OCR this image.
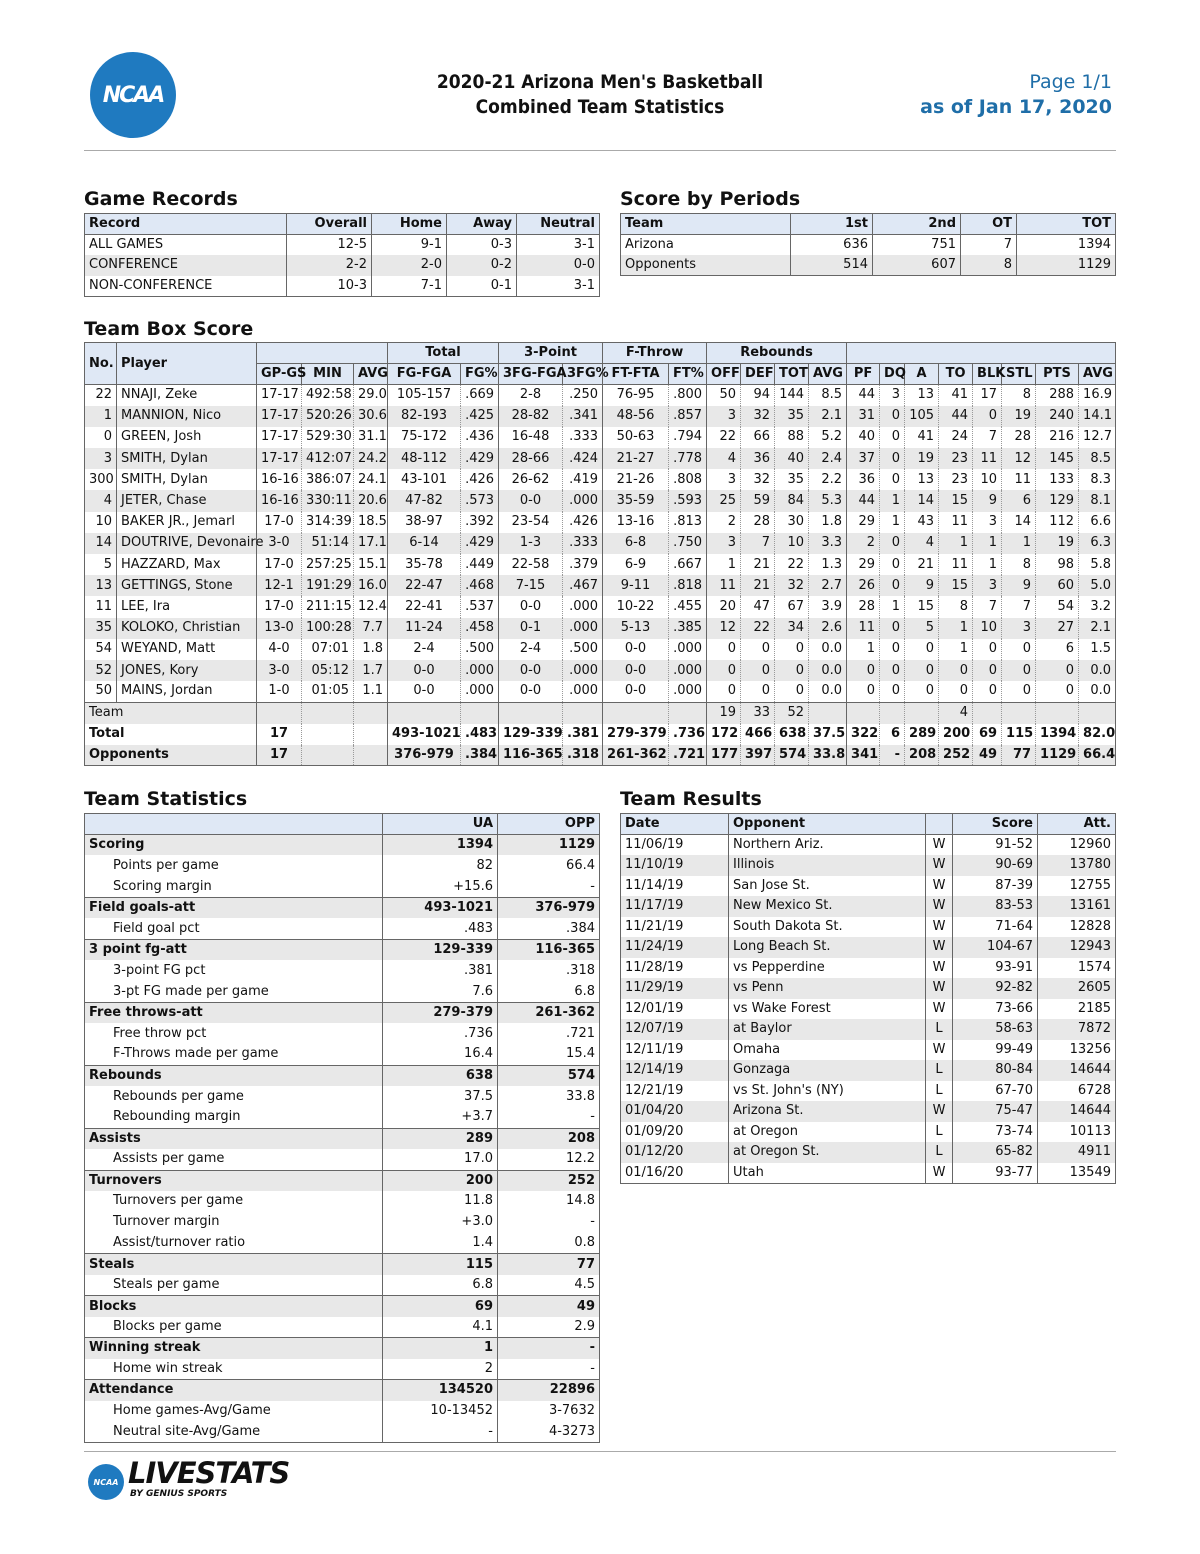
NCAA
2020-21 Arizona Men's Basketball
Combined Team Statistics
Page 1/1
as of Jan 17, 2020
Game Records
Record	Overall	Home	Away	Neutral
ALL GAMES	12-5	9-1	0-3	3-1
CONFERENCE	2-2	2-0	0-2	0-0
NON-CONFERENCE	10-3	7-1	0-1	3-1
Score by Periods
Team	1st	2nd	OT	TOT
Arizona	636	751	7	1394
Opponents	514	607	8	1129
Team Box Score
No.	Player				Total		3-Point		F-Throw		Rebounds											
		GP-GS	MIN	AVG	FG-FGA	FG%	3FG-FGA	3FG%	FT-FTA	FT%	OFF	DEF	TOT	AVG	PF	DQ	A	TO	BLK	STL	PTS	AVG
22	NNAJI, Zeke	17-17	492:58	29.0	105-157	.669	2-8	.250	76-95	.800	50	94	144	8.5	44	3	13	41	17	8	288	16.9
1	MANNION, Nico	17-17	520:26	30.6	82-193	.425	28-82	.341	48-56	.857	3	32	35	2.1	31	0	105	44	0	19	240	14.1
0	GREEN, Josh	17-17	529:30	31.1	75-172	.436	16-48	.333	50-63	.794	22	66	88	5.2	40	0	41	24	7	28	216	12.7
3	SMITH, Dylan	17-17	412:07	24.2	48-112	.429	28-66	.424	21-27	.778	4	36	40	2.4	37	0	19	23	11	12	145	8.5
300	SMITH, Dylan	16-16	386:07	24.1	43-101	.426	26-62	.419	21-26	.808	3	32	35	2.2	36	0	13	23	10	11	133	8.3
4	JETER, Chase	16-16	330:11	20.6	47-82	.573	0-0	.000	35-59	.593	25	59	84	5.3	44	1	14	15	9	6	129	8.1
10	BAKER JR., Jemarl	17-0	314:39	18.5	38-97	.392	23-54	.426	13-16	.813	2	28	30	1.8	29	1	43	11	3	14	112	6.6
14	DOUTRIVE, Devonaire	3-0	51:14	17.1	6-14	.429	1-3	.333	6-8	.750	3	7	10	3.3	2	0	4	1	1	1	19	6.3
5	HAZZARD, Max	17-0	257:25	15.1	35-78	.449	22-58	.379	6-9	.667	1	21	22	1.3	29	0	21	11	1	8	98	5.8
13	GETTINGS, Stone	12-1	191:29	16.0	22-47	.468	7-15	.467	9-11	.818	11	21	32	2.7	26	0	9	15	3	9	60	5.0
11	LEE, Ira	17-0	211:15	12.4	22-41	.537	0-0	.000	10-22	.455	20	47	67	3.9	28	1	15	8	7	7	54	3.2
35	KOLOKO, Christian	13-0	100:28	7.7	11-24	.458	0-1	.000	5-13	.385	12	22	34	2.6	11	0	5	1	10	3	27	2.1
54	WEYAND, Matt	4-0	07:01	1.8	2-4	.500	2-4	.500	0-0	.000	0	0	0	0.0	1	0	0	1	0	0	6	1.5
52	JONES, Kory	3-0	05:12	1.7	0-0	.000	0-0	.000	0-0	.000	0	0	0	0.0	0	0	0	0	0	0	0	0.0
50	MAINS, Jordan	1-0	01:05	1.1	0-0	.000	0-0	.000	0-0	.000	0	0	0	0.0	0	0	0	0	0	0	0	0.0
Team											19	33	52					4				
Total		17			493-1021	.483	129-339	.381	279-379	.736	172	466	638	37.5	322	6	289	200	69	115	1394	82.0
Opponents		17			376-979	.384	116-365	.318	261-362	.721	177	397	574	33.8	341	-	208	252	49	77	1129	66.4
Team Statistics
	UA	OPP
Scoring	1394	1129
Points per game	82	66.4
Scoring margin	+15.6	-
Field goals-att	493-1021	376-979
Field goal pct	.483	.384
3 point fg-att	129-339	116-365
3-point FG pct	.381	.318
3-pt FG made per game	7.6	6.8
Free throws-att	279-379	261-362
Free throw pct	.736	.721
F-Throws made per game	16.4	15.4
Rebounds	638	574
Rebounds per game	37.5	33.8
Rebounding margin	+3.7	-
Assists	289	208
Assists per game	17.0	12.2
Turnovers	200	252
Turnovers per game	11.8	14.8
Turnover margin	+3.0	-
Assist/turnover ratio	1.4	0.8
Steals	115	77
Steals per game	6.8	4.5
Blocks	69	49
Blocks per game	4.1	2.9
Winning streak	1	-
Home win streak	2	-
Attendance	134520	22896
Home games-Avg/Game	10-13452	3-7632
Neutral site-Avg/Game	-	4-3273
Team Results
Date	Opponent		Score	Att.
11/06/19	Northern Ariz.	W	91-52	12960
11/10/19	Illinois	W	90-69	13780
11/14/19	San Jose St.	W	87-39	12755
11/17/19	New Mexico St.	W	83-53	13161
11/21/19	South Dakota St.	W	71-64	12828
11/24/19	Long Beach St.	W	104-67	12943
11/28/19	vs Pepperdine	W	93-91	1574
11/29/19	vs Penn	W	92-82	2605
12/01/19	vs Wake Forest	W	73-66	2185
12/07/19	at Baylor	L	58-63	7872
12/11/19	Omaha	W	99-49	13256
12/14/19	Gonzaga	L	80-84	14644
12/21/19	vs St. John's (NY)	L	67-70	6728
01/04/20	Arizona St.	W	75-47	14644
01/09/20	at Oregon	L	73-74	10113
01/12/20	at Oregon St.	L	65-82	4911
01/16/20	Utah	W	93-77	13549
NCAA LIVESTATS
BY GENIUS SPORTS
